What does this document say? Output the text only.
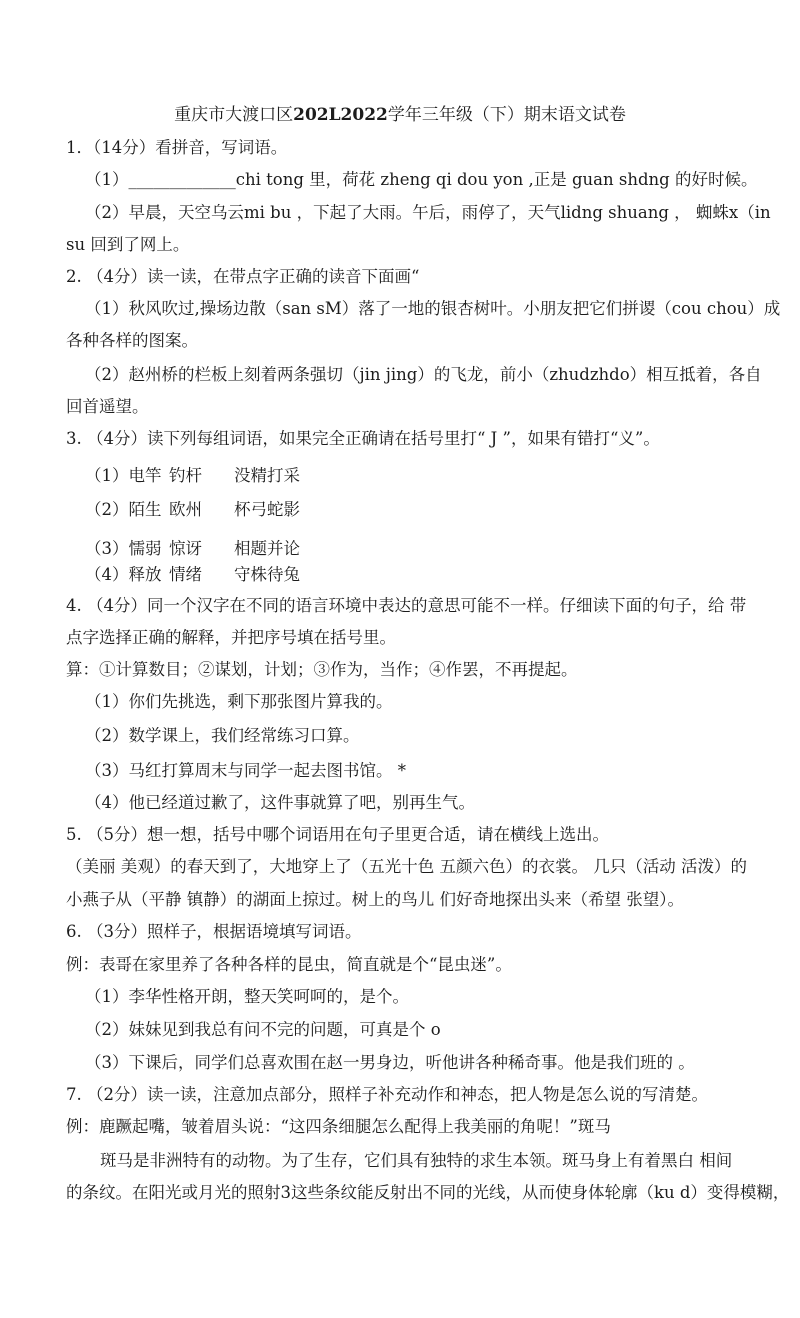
重庆市大渡口区202L2022学年三年级（下）期末语文试卷
1．（14分）看拼音，写词语。
（1）_____________chi tong 里，荷花 zheng qi dou yon ,正是 guan shdng 的好时候。
（2）早晨，天空乌云mi bu ，下起了大雨。午后，雨停了，天气lidng shuang ， 蜘蛛x（in
su 回到了网上。
2. （4分）读一读，在带点字正确的读音下面画“
（1）秋风吹过,操场边散（san sM）落了一地的银杏树叶。小朋友把它们拼谡（cou chou）成
各种各样的图案。
（2）赵州桥的栏板上刻着两条强切（jin jing）的飞龙，前小（zhudzhdo）相互抵着，各自
回首遥望。
3. （4分）读下列每组词语，如果完全正确请在括号里打“ J ”，如果有错打“义”。
（1）电竿 钓杆 没精打采
（2）陌生 欧州 杯弓蛇影
（3）懦弱 惊讶 相题并论
（4）释放 情绪 守株待兔
4. （4分）同一个汉字在不同的语言环境中表达的意思可能不一样。仔细读下面的句子，给 带
点字选择正确的解释，并把序号填在括号里。
算：①计算数目；②谋划，计划；③作为，当作；④作罢，不再提起。
（1）你们先挑选，剩下那张图片算我的。
（2）数学课上，我们经常练习口算。
（3）马红打算周末与同学一起去图书馆。 *
（4）他已经道过歉了，这件事就算了吧，别再生气。
5. （5分）想一想，括号中哪个词语用在句子里更合适，请在横线上选出。
（美丽 美观）的春天到了，大地穿上了（五光十色 五颜六色）的衣裳。 几只（活动 活泼）的
小燕子从（平静 镇静）的湖面上掠过。树上的鸟儿 们好奇地探出头来（希望 张望）。
6. （3分）照样子，根据语境填写词语。
例：表哥在家里养了各种各样的昆虫，简直就是个“昆虫迷”。
（1）李华性格开朗，整天笑呵呵的，是个。
（2）妹妹见到我总有问不完的问题，可真是个 o
（3）下课后，同学们总喜欢围在赵一男身边，听他讲各种稀奇事。他是我们班的 。
7. （2分）读一读，注意加点部分，照样子补充动作和神态，把人物是怎么说的写清楚。
例：鹿蹶起嘴，皱着眉头说：“这四条细腿怎么配得上我美丽的角呢！”斑马
斑马是非洲特有的动物。为了生存，它们具有独特的求生本领。斑马身上有着黑白 相间
的条纹。在阳光或月光的照射3这些条纹能反射出不同的光线，从而使身体轮廓（ku d）变得模糊，
